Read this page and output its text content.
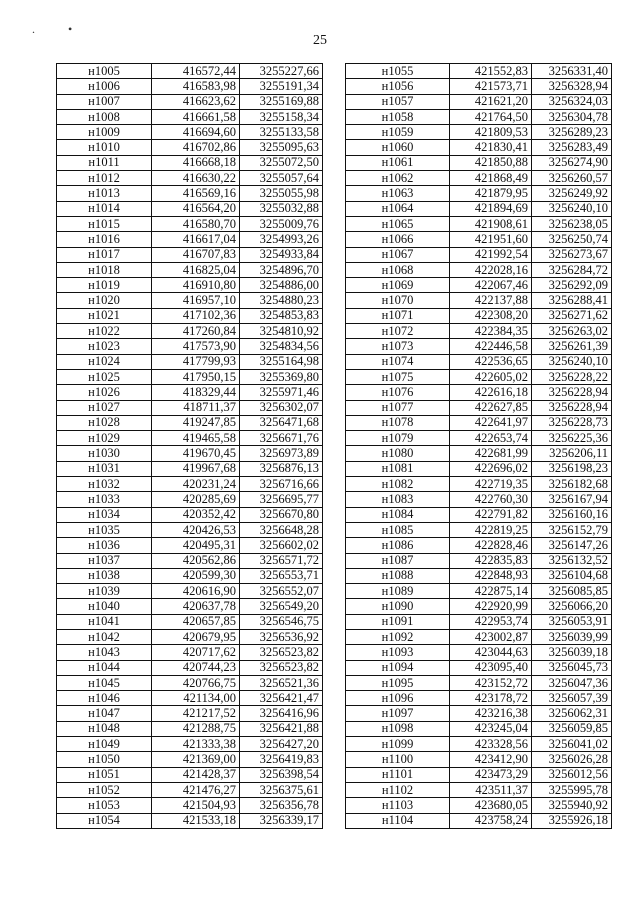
.	•
25
н1005	416572,44	3255227,66
н1006	416583,98	3255191,34
н1007	416623,62	3255169,88
н1008	416661,58	3255158,34
н1009	416694,60	3255133,58
н1010	416702,86	3255095,63
н1011	416668,18	3255072,50
н1012	416630,22	3255057,64
н1013	416569,16	3255055,98
н1014	416564,20	3255032,88
н1015	416580,70	3255009,76
н1016	416617,04	3254993,26
н1017	416707,83	3254933,84
н1018	416825,04	3254896,70
н1019	416910,80	3254886,00
н1020	416957,10	3254880,23
н1021	417102,36	3254853,83
н1022	417260,84	3254810,92
н1023	417573,90	3254834,56
н1024	417799,93	3255164,98
н1025	417950,15	3255369,80
н1026	418329,44	3255971,46
н1027	418711,37	3256302,07
н1028	419247,85	3256471,68
н1029	419465,58	3256671,76
н1030	419670,45	3256973,89
н1031	419967,68	3256876,13
н1032	420231,24	3256716,66
н1033	420285,69	3256695,77
н1034	420352,42	3256670,80
н1035	420426,53	3256648,28
н1036	420495,31	3256602,02
н1037	420562,86	3256571,72
н1038	420599,30	3256553,71
н1039	420616,90	3256552,07
н1040	420637,78	3256549,20
н1041	420657,85	3256546,75
н1042	420679,95	3256536,92
н1043	420717,62	3256523,82
н1044	420744,23	3256523,82
н1045	420766,75	3256521,36
н1046	421134,00	3256421,47
н1047	421217,52	3256416,96
н1048	421288,75	3256421,88
н1049	421333,38	3256427,20
н1050	421369,00	3256419,83
н1051	421428,37	3256398,54
н1052	421476,27	3256375,61
н1053	421504,93	3256356,78
н1054	421533,18	3256339,17
н1055	421552,83	3256331,40
н1056	421573,71	3256328,94
н1057	421621,20	3256324,03
н1058	421764,50	3256304,78
н1059	421809,53	3256289,23
н1060	421830,41	3256283,49
н1061	421850,88	3256274,90
н1062	421868,49	3256260,57
н1063	421879,95	3256249,92
н1064	421894,69	3256240,10
н1065	421908,61	3256238,05
н1066	421951,60	3256250,74
н1067	421992,54	3256273,67
н1068	422028,16	3256284,72
н1069	422067,46	3256292,09
н1070	422137,88	3256288,41
н1071	422308,20	3256271,62
н1072	422384,35	3256263,02
н1073	422446,58	3256261,39
н1074	422536,65	3256240,10
н1075	422605,02	3256228,22
н1076	422616,18	3256228,94
н1077	422627,85	3256228,94
н1078	422641,97	3256228,73
н1079	422653,74	3256225,36
н1080	422681,99	3256206,11
н1081	422696,02	3256198,23
н1082	422719,35	3256182,68
н1083	422760,30	3256167,94
н1084	422791,82	3256160,16
н1085	422819,25	3256152,79
н1086	422828,46	3256147,26
н1087	422835,83	3256132,52
н1088	422848,93	3256104,68
н1089	422875,14	3256085,85
н1090	422920,99	3256066,20
н1091	422953,74	3256053,91
н1092	423002,87	3256039,99
н1093	423044,63	3256039,18
н1094	423095,40	3256045,73
н1095	423152,72	3256047,36
н1096	423178,72	3256057,39
н1097	423216,38	3256062,31
н1098	423245,04	3256059,85
н1099	423328,56	3256041,02
н1100	423412,90	3256026,28
н1101	423473,29	3256012,56
н1102	423511,37	3255995,78
н1103	423680,05	3255940,92
н1104	423758,24	3255926,18
